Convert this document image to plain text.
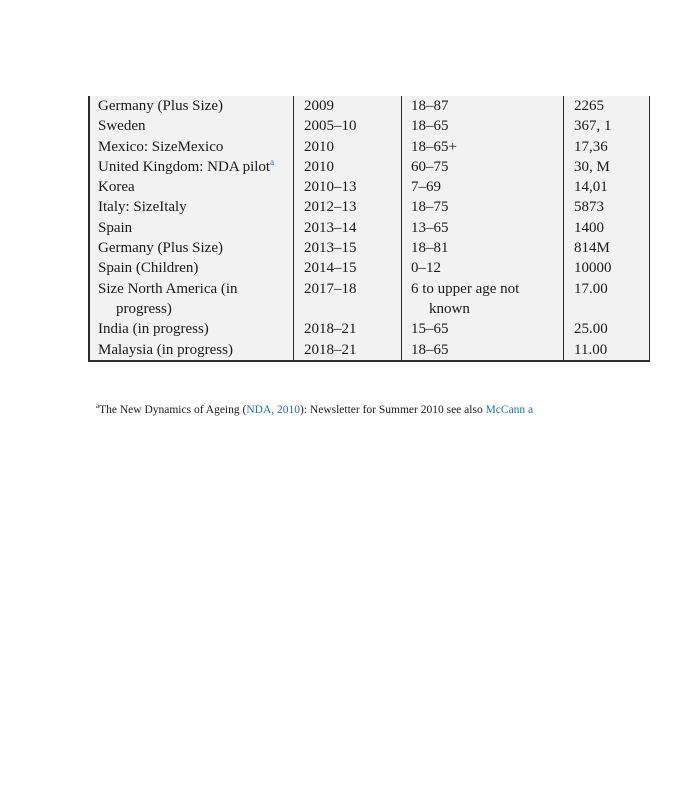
Germany (Plus Size)	2009	18–87	2265

Sweden	2005–10	18–65	367, 1

Mexico: SizeMexico	2010	18–65+	17,36

United Kingdom: NDA pilot$^a$	2010	60–75	30, M

Korea	2010–13	7–69	14,01

Italy: SizeItaly	2012–13	18–75	5873

Spain	2013–14	13–65	1400

Germany (Plus Size)	2013–15	18–81	814M

Spain (Children)	2014–15	0–12	10000

Size North America (in progress)	2017–18	6 to upper age not known	17.00

India (in progress)	2018–21	15–65	25.00

Malaysia (in progress)	2018–21	18–65	11.00
$^a$The New Dynamics of Ageing (NDA, 2010): Newsletter for Summer 2010 see also McCann a
